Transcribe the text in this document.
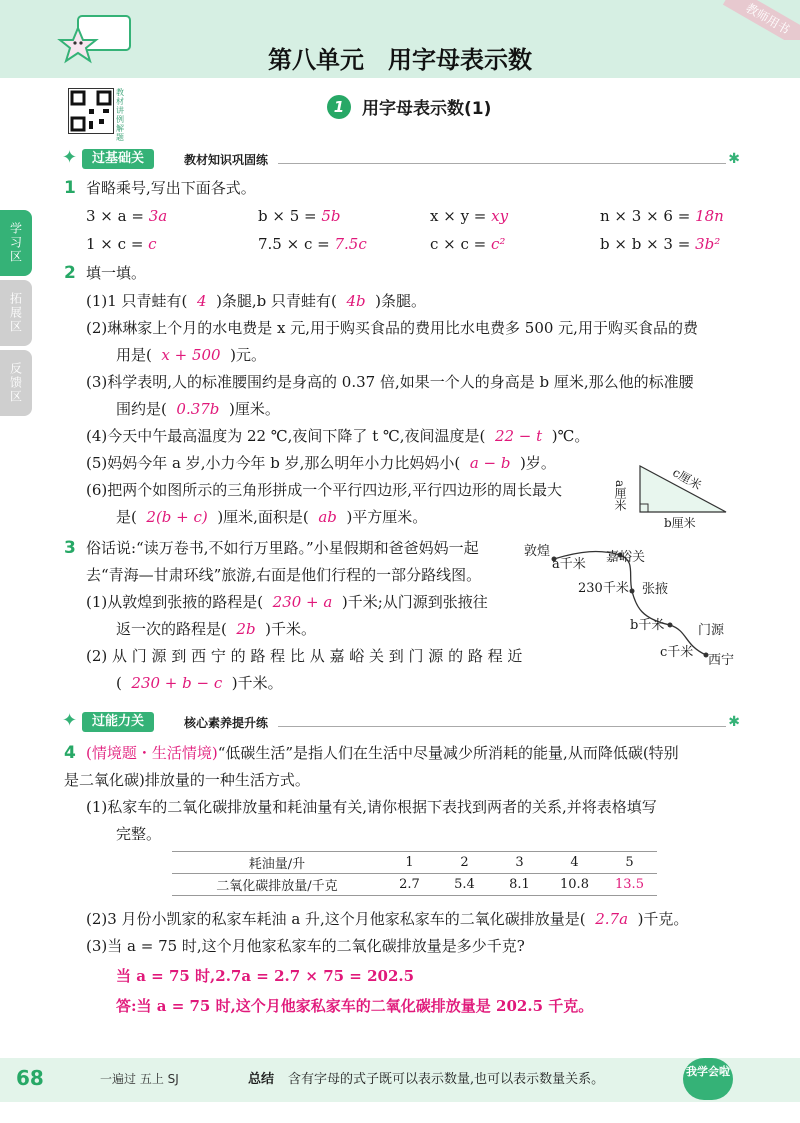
第八单元　用字母表示数
教师用书
教材讲例解题
1	用字母表示数(1)
学习区
拓展区
反馈区
✦	过基础关	教材知识巩固练	✱
1 省略乘号,写出下面各式。
3 × a = 3a	b × 5 = 5b	x × y = xy	n × 3 × 6 = 18n
1 × c = c	7.5 × c = 7.5c	c × c = c²	b × b × 3 = 3b²
2 填一填。
(1)1 只青蛙有( 4 )条腿,b 只青蛙有( 4b )条腿。
(2)琳琳家上个月的水电费是 x 元,用于购买食品的费用比水电费多 500 元,用于购买食品的费
用是( x + 500 )元。
(3)科学表明,人的标准腰围约是身高的 0.37 倍,如果一个人的身高是 b 厘米,那么他的标准腰
围约是( 0.37b )厘米。
(4)今天中午最高温度为 22 ℃,夜间下降了 t ℃,夜间温度是( 22 − t )℃。
(5)妈妈今年 a 岁,小力今年 b 岁,那么明年小力比妈妈小( a − b )岁。
(6)把两个如图所示的三角形拼成一个平行四边形,平行四边形的周长最大
是( 2(b + c) )厘米,面积是( ab )平方厘米。
a厘米
c厘米
b厘米
3 俗话说:“读万卷书,不如行万里路。”小星假期和爸爸妈妈一起
去“青海—甘肃环线”旅游,右面是他们行程的一部分路线图。
(1)从敦煌到张掖的路程是( 230 + a )千米;从门源到张掖往
返一次的路程是( 2b )千米。
(2) 从 门 源 到 西 宁 的 路 程 比 从 嘉 峪 关 到 门 源 的 路 程 近
( 230 + b − c )千米。
敦煌
a千米 嘉峪关
230千米 张掖
b千米	门源
c千米
西宁
✦	过能力关	核心素养提升练	✱
4 (情境题・生活情境)“低碳生活”是指人们在生活中尽量减少所消耗的能量,从而降低碳(特别
是二氧化碳)排放量的一种生活方式。
(1)私家车的二氧化碳排放量和耗油量有关,请你根据下表找到两者的关系,并将表格填写
完整。
耗油量/升	1	2	3	4	5
二氧化碳排放量/千克	2.7	5.4	8.1	10.8	13.5
(2)3 月份小凯家的私家车耗油 a 升,这个月他家私家车的二氧化碳排放量是( 2.7a )千克。
(3)当 a = 75 时,这个月他家私家车的二氧化碳排放量是多少千克?
当 a = 75 时,2.7a = 2.7 × 75 = 202.5
答:当 a = 75 时,这个月他家私家车的二氧化碳排放量是 202.5 千克。
68	一遍过 五上 SJ	总结 含有字母的式子既可以表示数量,也可以表示数量关系。
我学会啦
